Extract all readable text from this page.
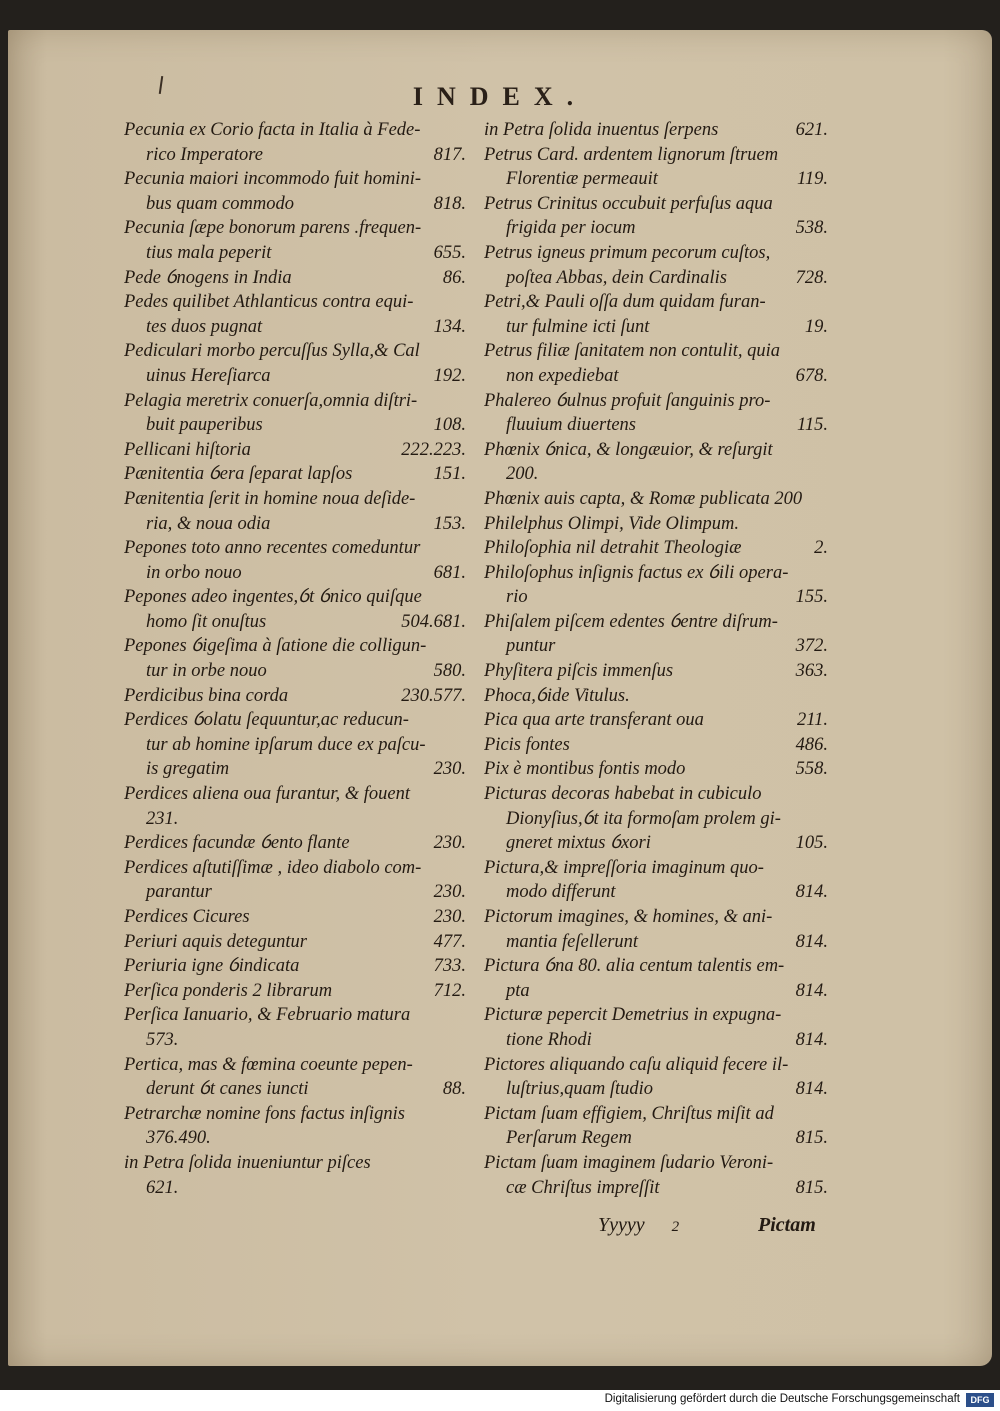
INDEX.
Pecunia ex Corio facta in Italia à Fede-
817.
rico Imperatore
Pecunia maiori incommodo fuit homini-
818.
bus quam commodo
Pecunia ſæpe bonorum parens .frequen-
655.
tius mala peperit
86.
Pede ỽnogens in India
Pedes quilibet Athlanticus contra equi-
134.
tes duos pugnat
Pediculari morbo percuſſus Sylla,& Cal
192.
uinus Hereſiarca
Pelagia meretrix conuerſa,omnia diſtri-
108.
buit pauperibus
222.223.
Pellicani hiſtoria
151.
Pænitentia ỽera ſeparat lapſos
Pænitentia ſerit in homine noua deſide-
153.
ria, & noua odia
Pepones toto anno recentes comeduntur
681.
in orbo nouo
Pepones adeo ingentes,ỽt ỽnico quiſque
504.681.
homo ſit onuſtus
Pepones ỽigeſima à ſatione die colligun-
580.
tur in orbe nouo
230.577.
Perdicibus bina corda
Perdices ỽolatu ſequuntur,ac reducun-
tur ab homine ipſarum duce ex paſcu-
230.
is gregatim
Perdices aliena oua furantur, & fouent
231.
230.
Perdices facundæ ỽento flante
Perdices aſtutiſſimæ , ideo diabolo com-
230.
parantur
230.
Perdices Cicures
477.
Periuri aquis deteguntur
733.
Periuria igne ỽindicata
712.
Perſica ponderis 2 librarum
Perſica Ianuario, & Februario matura
573.
Pertica, mas & fœmina coeunte pepen-
88.
derunt ỽt canes iuncti
Petrarchæ nomine fons factus inſignis
376.490.
in Petra ſolida inueniuntur piſces
621.
621.
in Petra ſolida inuentus ſerpens
Petrus Card. ardentem lignorum ſtruem
119.
Florentiæ permeauit
Petrus Crinitus occubuit perfuſus aqua
538.
frigida per iocum
Petrus igneus primum pecorum cuſtos,
728.
poſtea Abbas, dein Cardinalis
Petri,& Pauli oſſa dum quidam furan-
19.
tur fulmine icti ſunt
Petrus filiæ ſanitatem non contulit, quia
678.
non expediebat
Phalereo ỽulnus profuit ſanguinis pro-
115.
fluuium diuertens
Phœnix ỽnica, & longæuior, & reſurgit
200.
Phœnix auis capta, & Romæ publicata 200
Philelphus Olimpi, Vide Olimpum.
2.
Philoſophia nil detrahit Theologiæ
Philoſophus inſignis factus ex ỽili opera-
155.
rio
Phiſalem piſcem edentes ỽentre diſrum-
372.
puntur
363.
Phyſitera piſcis immenſus
Phoca,ỽide Vitulus.
211.
Pica qua arte transferant oua
486.
Picis fontes
558.
Pix è montibus fontis modo
Picturas decoras habebat in cubiculo
Dionyſius,ỽt ita formoſam prolem gi-
105.
gneret mixtus ỽxori
Pictura,& impreſſoria imaginum quo-
814.
modo differunt
Pictorum imagines, & homines, & ani-
814.
mantia feſellerunt
Pictura ỽna 80. alia centum talentis em-
814.
pta
Picturæ pepercit Demetrius in expugna-
814.
tione Rhodi
Pictores aliquando caſu aliquid fecere il-
814.
luſtrius,quam ſtudio
Pictam ſuam effigiem, Chriſtus miſit ad
815.
Perſarum Regem
Pictam ſuam imaginem ſudario Veroni-
815.
cæ Chriſtus impreſſit
Yyyyy 2	Pictam
Digitalisierung gefördert durch die Deutsche Forschungsgemeinschaft	DFG
